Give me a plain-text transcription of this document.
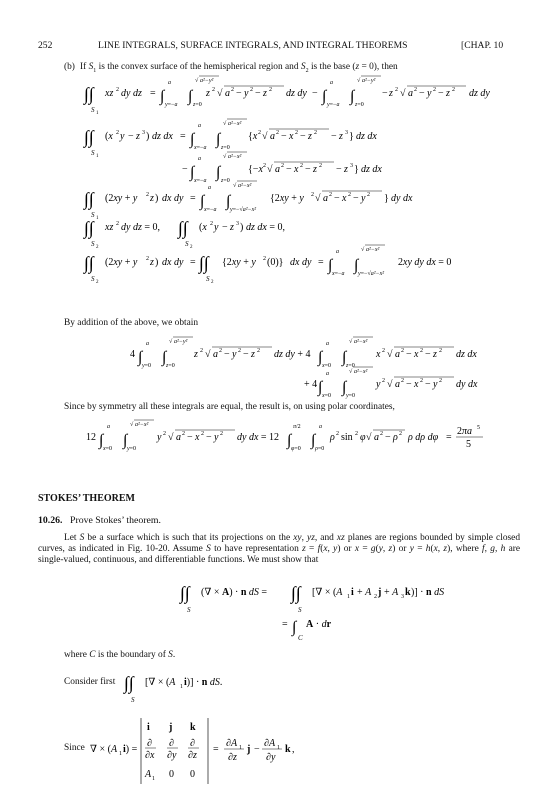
252	LINE INTEGRALS, SURFACE INTEGRALS, AND INTEGRAL THEOREMS	[CHAP. 10
(b) If $S_1$ is the convex surface of the hemispherical region and $S_2$ is the base (z = 0), then
∫∫
S 1
xz 2 dy dz = ∫
a
y=−a ∫ z=0
√ a²−y²
z 2 √ a 2 − y 2 − z 2 dz dy − ∫
a
y=−a ∫ z=0
√ a²−y²
− z 2 √ a 2 − y 2 − z 2 dz dy
∫∫
S 1
(x 2 y − z 3 ) dz dx = ∫
a
x=−a ∫ z=0
√ a²−x²
{x 2 √ a 2 − x 2 − z 2 − z 3 } dz dx
− ∫
a
x=−a ∫ z=0
√ a²−x²
{−x 2 √ a 2 − x 2 − z 2 − z 3 } dz dx
∫∫
S 1
(2xy + y 2 z ) dx dy = ∫
a
x=−a ∫ y=−√a²−x²
√ a²−x²
{2xy + y 2 √ a 2 − x 2 − y 2 } dy dx
∫∫
S 2
xz 2 dy dz = 0, ∫∫
S 2
(x 2 y − z 3 ) dz dx = 0,
∫∫
S 2
(2xy + y 2 z ) dx dy = ∫∫
S 2
{2xy + y 2 (0)} dx dy = ∫
a
x=−a ∫ y=−√a²−x²
√ a²−x²
2xy dy dx = 0
By addition of the above, we obtain
4 ∫
a
y=0 ∫ z=0
√ a²−y²
z 2 √ a 2 − y 2 − z 2 dz dy + 4 ∫
a
x=0 ∫ z=0
√ a²−x²
x 2 √ a 2 − x 2 − z 2 dz dx
+ 4 ∫
a
x=0 ∫ y=0
√ a²−x²
y 2 √ a 2 − x 2 − y 2 dy dx
Since by symmetry all these integrals are equal, the result is, on using polar coordinates,
12 ∫
a
x=0 ∫ y=0
√ a²−x²
y 2 √ a 2 − x 2 − y 2 dy dx = 12 ∫
π/2
φ=0 ∫
a
ρ=0
ρ 2 sin 2 φ √ a 2 − ρ 2 ρ dρ dφ =
2πa 5
5
STOKES’ THEOREM
10.26. Prove Stokes’ theorem.
Let S be a surface which is such that its projections on the xy, yz, and xz planes are regions bounded by simple closed curves, as indicated in Fig. 10-20. Assume S to have representation z = f(x, y) or x = g(y, z) or y = h(x, z), where f, g, h are single-valued, continuous, and differentiable functions. We must show that
∫∫
S
(∇ × A) · n dS = ∫∫
S
[∇ × (A 1 i + A 2 j + A 3 k )] · n dS
= ∫
C
A · dr
where C is the boundary of S.
Consider first ∫∫
S
[∇ × (A 1 i)] · n dS.
Since ∇ × (A 1 i) =
i j k
∂
∂x
∂
∂y
∂
∂z
A 1 0 0
=
∂A 1
∂z
j −
∂A 1
∂y
k ,
